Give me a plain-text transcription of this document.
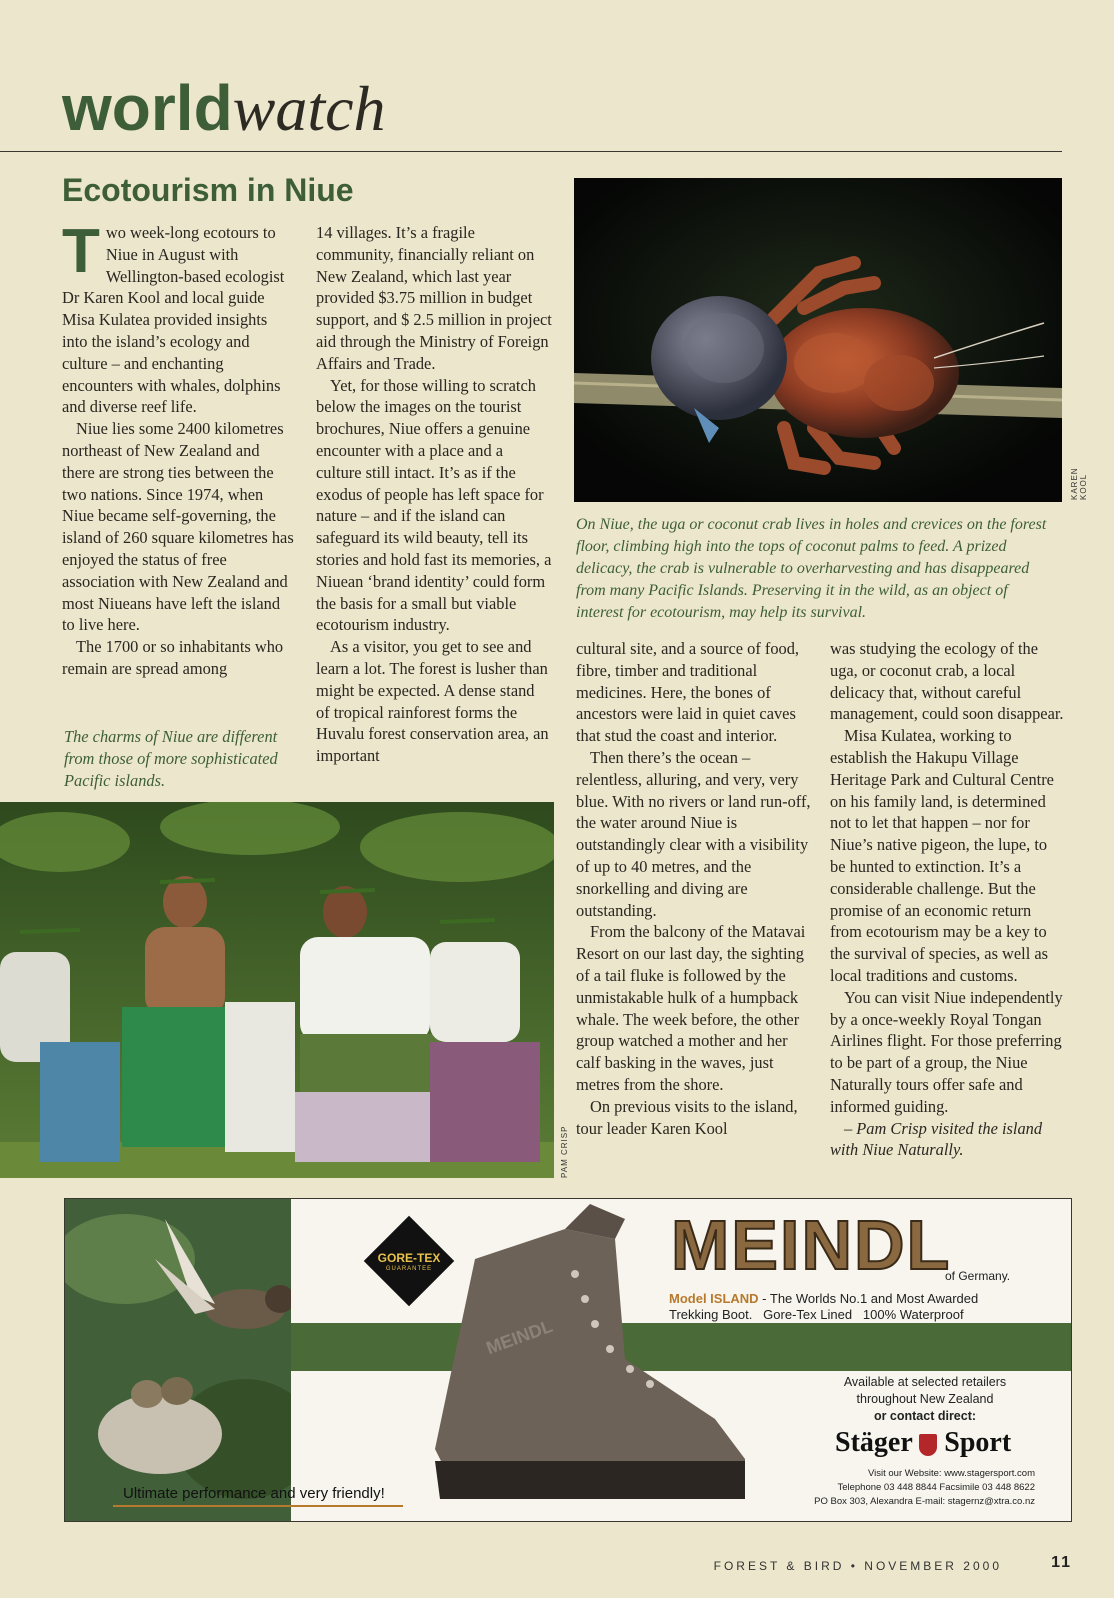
worldwatch
Ecotourism in Niue
T wo week-long ecotours to Niue in August with Wellington-based ecologist Dr Karen Kool and local guide Misa Kulatea provided insights into the island’s ecology and culture – and enchanting encounters with whales, dolphins and diverse reef life.

Niue lies some 2400 kilometres northeast of New Zealand and there are strong ties between the two nations. Since 1974, when Niue became self-governing, the island of 260 square kilometres has enjoyed the status of free association with New Zealand and most Niueans have left the island to live here.

The 1700 or so inhabitants who remain are spread among

The charms of Niue are different from those of more sophisticated Pacific islands.

14 villages. It’s a fragile community, financially reliant on New Zealand, which last year provided $3.75 million in budget support, and $ 2.5 million in project aid through the Ministry of Foreign Affairs and Trade.

Yet, for those willing to scratch below the images on the tourist brochures, Niue offers a genuine encounter with a place and a culture still intact. It’s as if the exodus of people has left space for nature – and if the island can safeguard its wild beauty, tell its stories and hold fast its memories, a Niuean ‘brand identity’ could form the basis for a small but viable ecotourism industry.

As a visitor, you get to see and learn a lot. The forest is lusher than might be expected. A dense stand of tropical rainforest forms the Huvalu forest conservation area, an important

KAREN KOOL
On Niue, the uga or coconut crab lives in holes and crevices on the forest floor, climbing high into the tops of coconut palms to feed. A prized delicacy, the crab is vulnerable to overharvesting and has disappeared from many Pacific Islands. Preserving it in the wild, as an object of interest for ecotourism, may help its survival.

cultural site, and a source of food, fibre, timber and traditional medicines. Here, the bones of ancestors were laid in quiet caves that stud the coast and interior.

Then there’s the ocean – relentless, alluring, and very, very blue. With no rivers or land run-off, the water around Niue is outstandingly clear with a visibility of up to 40 metres, and the snorkelling and diving are outstanding.

From the balcony of the Matavai Resort on our last day, the sighting of a tail fluke is followed by the unmistakable hulk of a humpback whale. The week before, the other group watched a mother and her calf basking in the waves, just metres from the shore.

On previous visits to the island, tour leader Karen Kool

was studying the ecology of the uga, or coconut crab, a local delicacy that, without careful management, could soon disappear.

Misa Kulatea, working to establish the Hakupu Village Heritage Park and Cultural Centre on his family land, is determined not to let that happen – nor for Niue’s native pigeon, the lupe, to be hunted to extinction. It’s a considerable challenge. But the promise of an economic return from ecotourism may be a key to the survival of species, as well as local traditions and customs.

You can visit Niue independently by a once-weekly Royal Tongan Airlines flight. For those preferring to be part of a group, the Niue Naturally tours offer safe and informed guiding.

– Pam Crisp visited the island with Niue Naturally.

PAM CRISP
GORE-TEX
GUARANTEE
MEINDL
MEINDL
of Germany.
Model ISLAND - The Worlds No.1 and Most Awarded
Trekking Boot.   Gore-Tex Lined   100% Waterproof
Available at selected retailers
throughout New Zealand
or contact direct:
Stäger Sport
Visit our Website: www.stagersport.com
Telephone 03 448 8844 Facsimile 03 448 8622
PO Box 303, Alexandra E-mail: stagernz@xtra.co.nz
Ultimate performance and very friendly!
FOREST & BIRD • NOVEMBER 2000	11
